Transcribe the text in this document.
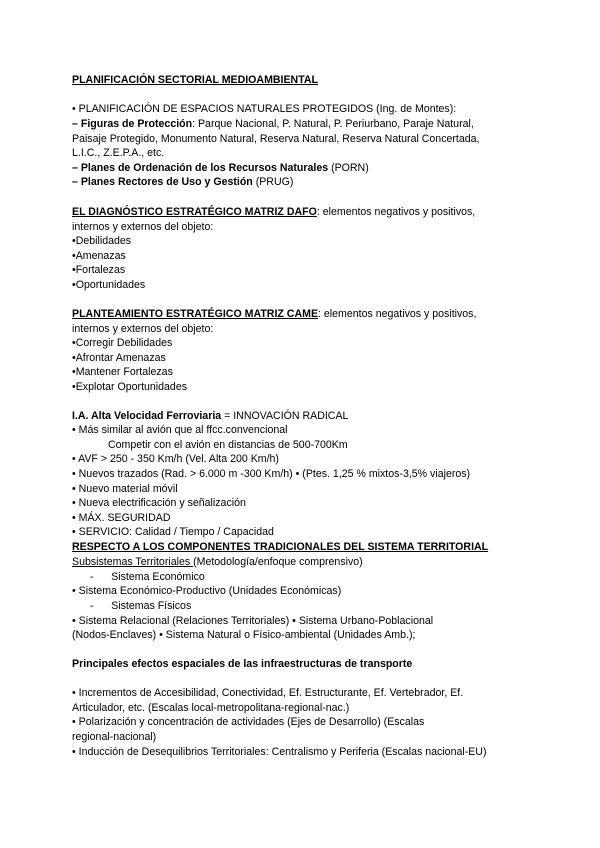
PLANIFICACIÓN SECTORIAL MEDIOAMBIENTAL
• PLANIFICACIÓN DE ESPACIOS NATURALES PROTEGIDOS (Ing. de Montes):
– Figuras de Protección: Parque Nacional, P. Natural, P. Periurbano, Paraje Natural,
Paisaje Protegido, Monumento Natural, Reserva Natural, Reserva Natural Concertada,
L.I.C., Z.E.P.A., etc.
– Planes de Ordenación de los Recursos Naturales (PORN)
– Planes Rectores de Uso y Gestión (PRUG)
EL DIAGNÓSTICO ESTRATÉGICO MATRIZ DAFO: elementos negativos y positivos,
internos y externos del objeto:
•Debilidades
•Amenazas
•Fortalezas
•Oportunidades
PLANTEAMIENTO ESTRATÉGICO MATRIZ CAME: elementos negativos y positivos,
internos y externos del objeto:
•Corregir Debilidades
•Afrontar Amenazas
•Mantener Fortalezas
•Explotar Oportunidades
I.A. Alta Velocidad Ferroviaria = INNOVACIÓN RADICAL
• Más similar al avión que al ffcc.convencional
Competir con el avión en distancias de 500-700Km
• AVF > 250 - 350 Km/h (Vel. Alta 200 Km/h)
• Nuevos trazados (Rad. > 6.000 m -300 Km/h) • (Ptes. 1,25 % mixtos-3,5% viajeros)
• Nuevo material móvil
• Nueva electrificación y señalización
• MÁX. SEGURIDAD
• SERVICIO: Calidad / Tiempo / Capacidad
RESPECTO A LOS COMPONENTES TRADICIONALES DEL SISTEMA TERRITORIAL
Subsistemas Territoriales (Metodología/enfoque comprensivo)
-      Sistema Económico
• Sistema Económico-Productivo (Unidades Económicas)
-      Sistemas Físicos
• Sistema Relacional (Relaciones Territoriales) • Sistema Urbano-Poblacional
(Nodos-Enclaves) • Sistema Natural o Físico-ambiental (Unidades Amb.);
Principales efectos espaciales de las infraestructuras de transporte
• Incrementos de Accesibilidad, Conectividad, Ef. Estructurante, Ef. Vertebrador, Ef.
Articulador, etc. (Escalas local-metropolitana-regional-nac.)
• Polarización y concentración de actividades (Ejes de Desarrollo) (Escalas
regional-nacional)
• Inducción de Desequilibrios Territoriales: Centralismo y Periferia (Escalas nacional-EU)
